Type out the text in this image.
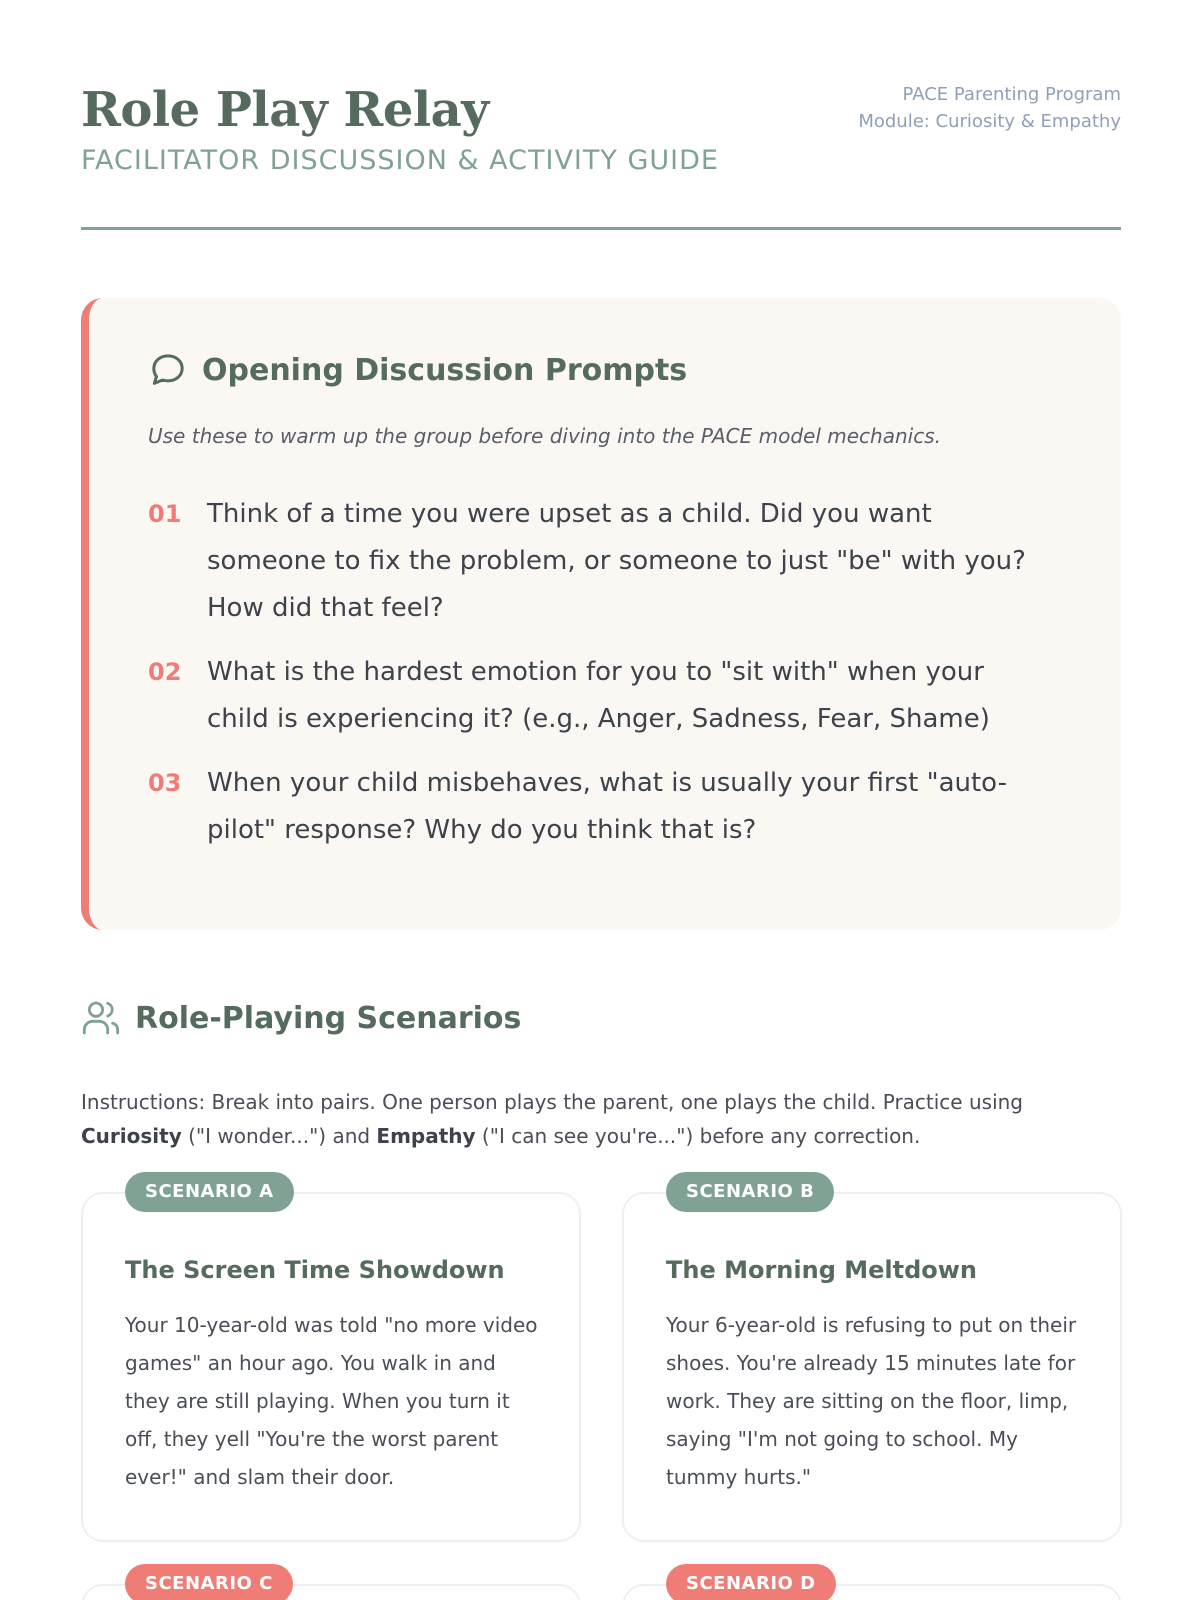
Role Play Relay
FACILITATOR DISCUSSION & ACTIVITY GUIDE
PACE Parenting Program
Module: Curiosity & Empathy
Opening Discussion Prompts

Use these to warm up the group before diving into the PACE model mechanics.

01 Think of a time you were upset as a child. Did you want someone to fix the problem, or someone to just "be" with you? How did that feel?
02 What is the hardest emotion for you to "sit with" when your child is experiencing it? (e.g., Anger, Sadness, Fear, Shame)
03 When your child misbehaves, what is usually your first "auto-pilot" response? Why do you think that is?
Role-Playing Scenarios

Instructions: Break into pairs. One person plays the parent, one plays the child. Practice using Curiosity ("I wonder...") and Empathy ("I can see you're...") before any correction.

SCENARIO A
The Screen Time Showdown

Your 10-year-old was told "no more video games" an hour ago. You walk in and they are still playing. When you turn it off, they yell "You're the worst parent ever!" and slam their door.

SCENARIO B
The Morning Meltdown

Your 6-year-old is refusing to put on their shoes. You're already 15 minutes late for work. They are sitting on the floor, limp, saying "I'm not going to school. My tummy hurts."

SCENARIO C	SCENARIO D
